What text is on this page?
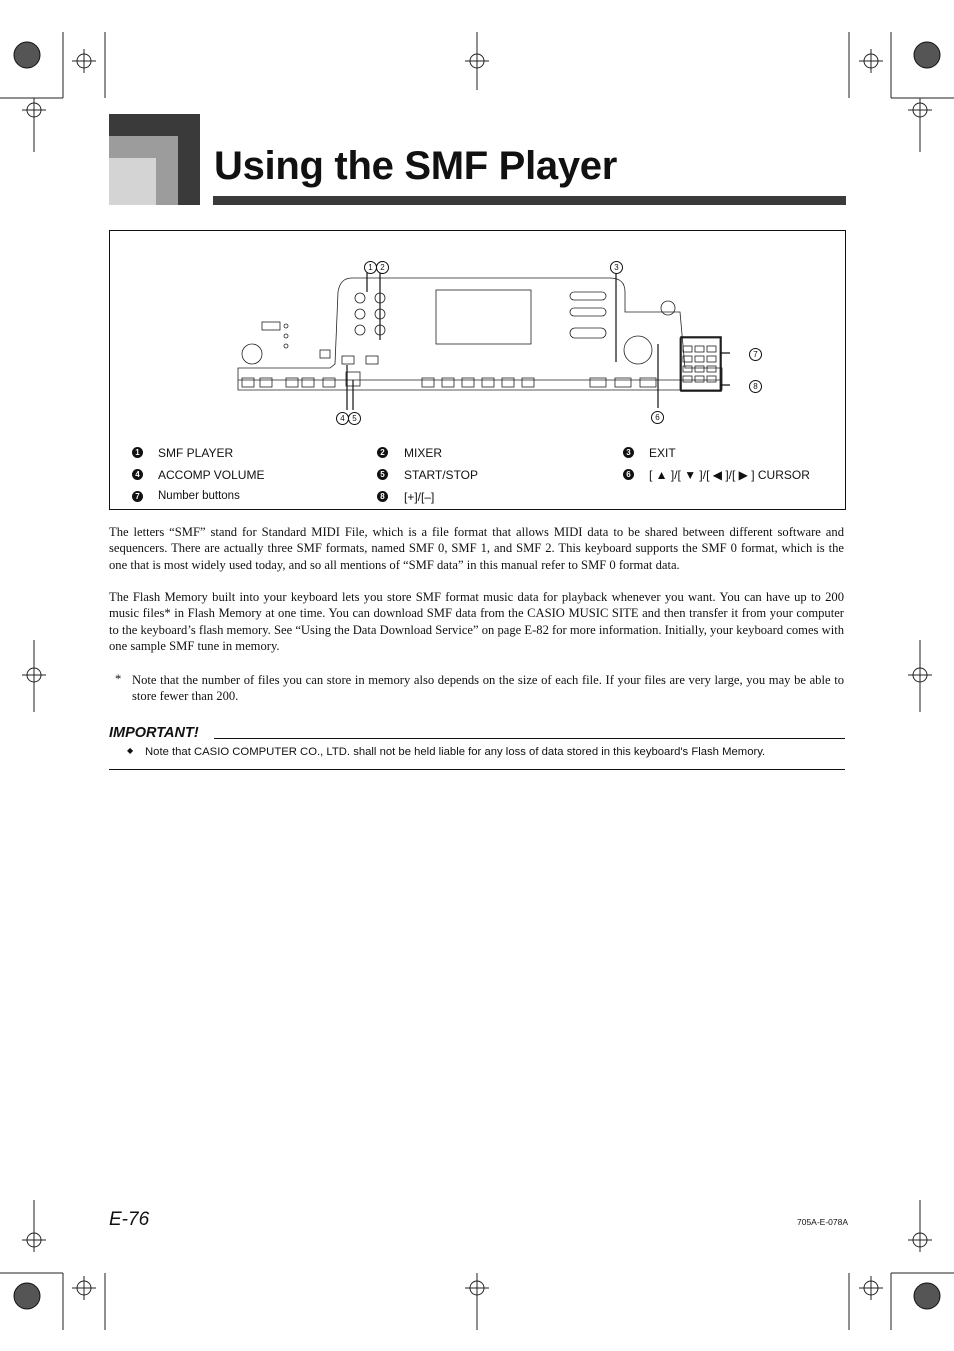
Using the SMF Player
1 2	3
4 5	6
7
8
1 SMF PLAYER	2 MIXER	3 EXIT
4 ACCOMP VOLUME	5 START/STOP	6 [ ▲ ]/[ ▼ ]/[ ◀ ]/[ ▶ ] CURSOR
7 Number buttons	8 [+]/[–]
The letters “SMF” stand for Standard MIDI File, which is a file format that allows MIDI data to be shared between different software and sequencers. There are actually three SMF formats, named SMF 0, SMF 1, and SMF 2. This keyboard supports the SMF 0 format, which is the one that is most widely used today, and so all mentions of “SMF data” in this manual refer to SMF 0 format data.
The Flash Memory built into your keyboard lets you store SMF format music data for playback whenever you want. You can have up to 200 music files* in Flash Memory at one time. You can download SMF data from the CASIO MUSIC SITE and then transfer it from your computer to the keyboard’s flash memory. See “Using the Data Download Service” on page E-82 for more information. Initially, your keyboard comes with one sample SMF tune in memory.
* Note that the number of files you can store in memory also depends on the size of each file. If your files are very large, you may be able to store fewer than 200.
IMPORTANT!
◆ Note that CASIO COMPUTER CO., LTD. shall not be held liable for any loss of data stored in this keyboard's Flash Memory.
E-76	705A-E-078A
